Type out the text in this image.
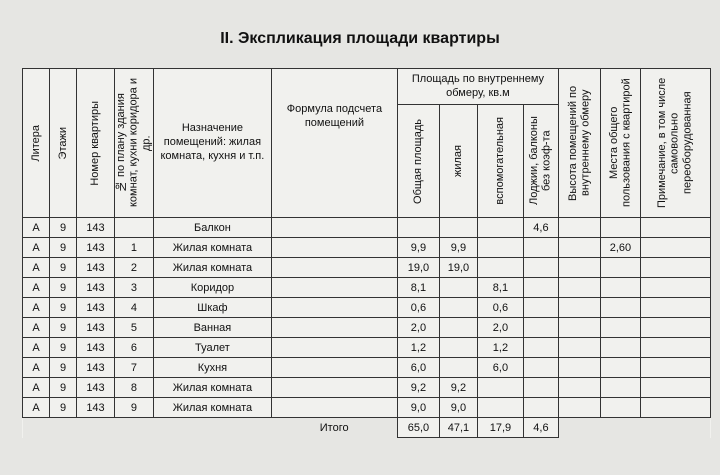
II. Экспликация площади квартиры
Литера	Этажи	Номер квартиры	№ по плану здания комнат, кухни коридора и др.	Назначение помещений: жилая комната, кухня и т.п.	Формула подсчета помещений	Площадь по внутреннему обмеру, кв.м				Высота помещений по внутреннему обмеру	Места общего пользования с квартирой	Примечание, в том числе самовольно переоборудованная

						Общая площадь	жилая	вспомогательная	Лоджии, балконы без коэф-та			

А	9	143		Балкон					4,6			
А	9	143	1	Жилая комната		9,9	9,9				2,60	
А	9	143	2	Жилая комната		19,0	19,0					
А	9	143	3	Коридор		8,1		8,1				
А	9	143	4	Шкаф		0,6		0,6				
А	9	143	5	Ванная		2,0		2,0				
А	9	143	6	Туалет		1,2		1,2				
А	9	143	7	Кухня		6,0		6,0				
А	9	143	8	Жилая комната		9,2	9,2					
А	9	143	9	Жилая комната		9,0	9,0					
					Итого	65,0	47,1	17,9	4,6			
